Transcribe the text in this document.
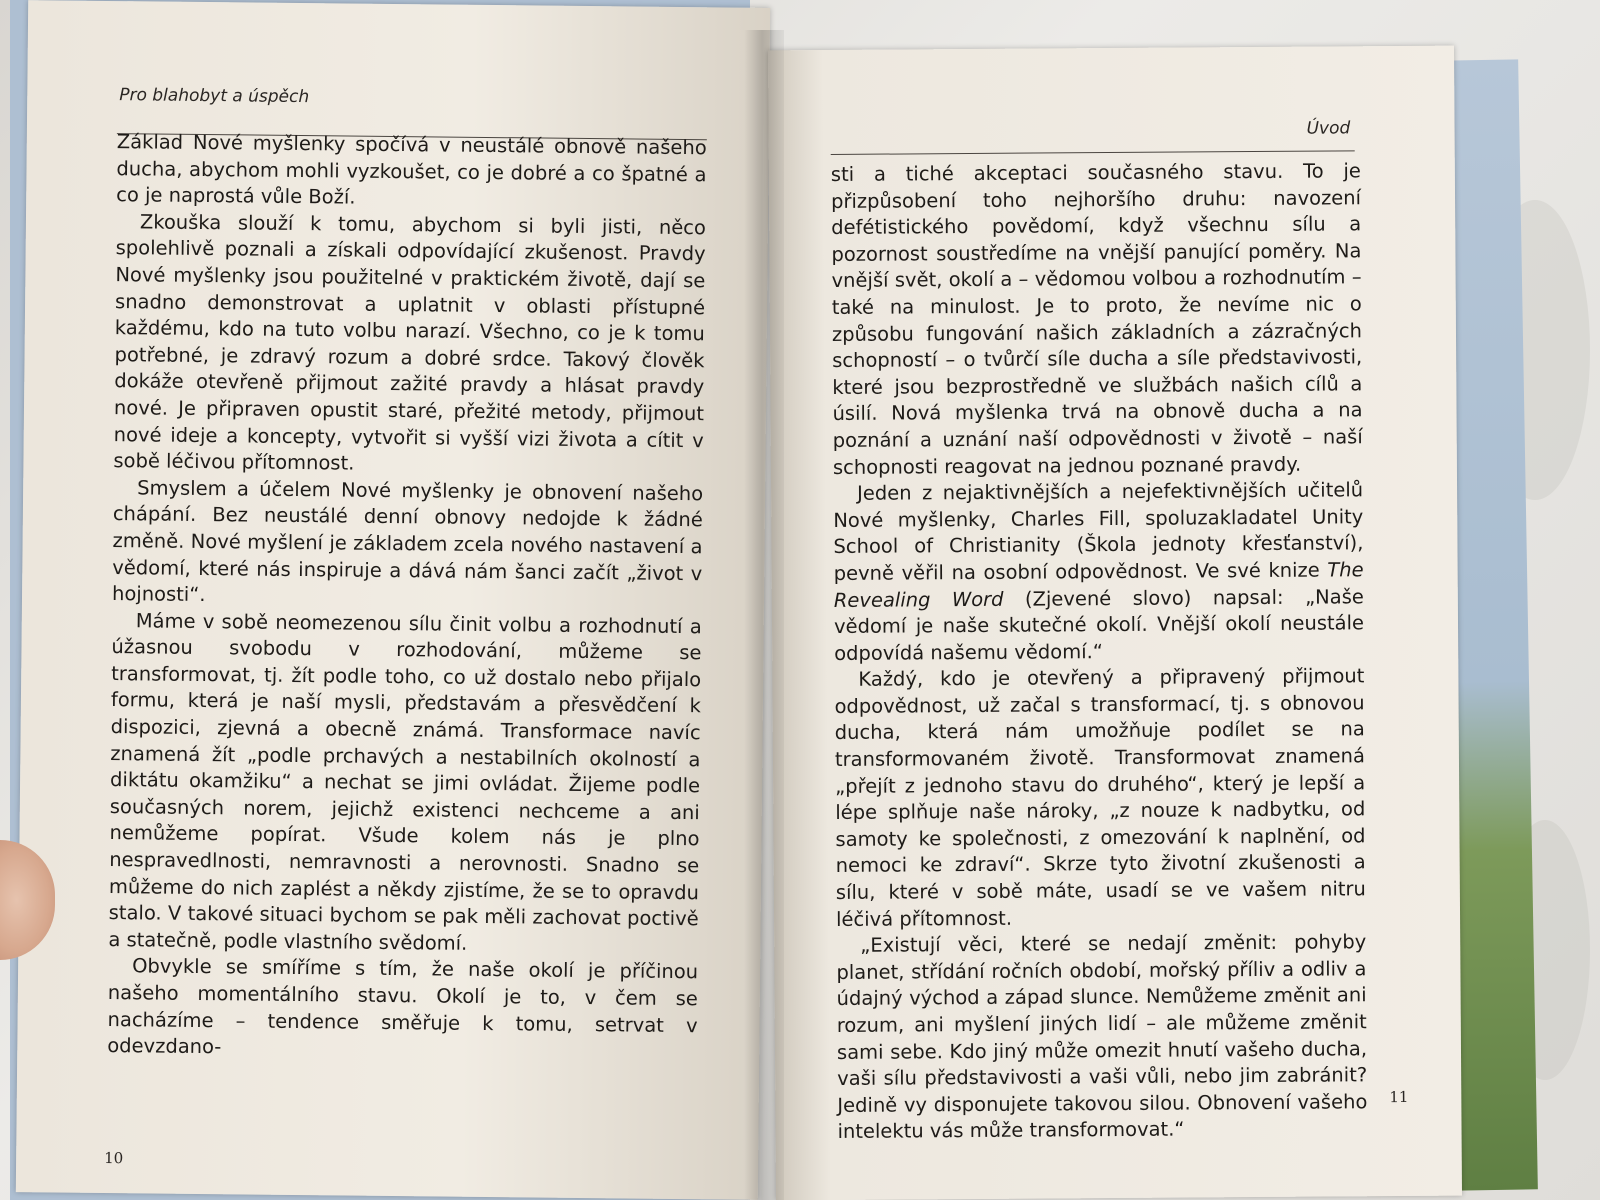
Pro blahobyt a úspěch

Základ Nové myšlenky spočívá v neustálé obnově našeho ducha, abychom mohli vyzkoušet, co je dobré a co špatné a co je naprostá vůle Boží.

Zkouška slouží k tomu, abychom si byli jisti, něco spolehlivě poznali a získali odpovídající zkušenost. Pravdy Nové myšlenky jsou použitelné v praktickém životě, dají se snadno demonstrovat a uplatnit v oblasti přístupné každému, kdo na tuto volbu narazí. Všechno, co je k tomu potřebné, je zdravý rozum a dobré srdce. Takový člověk dokáže otevřeně přijmout zažité pravdy a hlásat pravdy nové. Je připraven opustit staré, přežité metody, přijmout nové ideje a koncepty, vytvořit si vyšší vizi života a cítit v sobě léčivou přítomnost.

Smyslem a účelem Nové myšlenky je obnovení našeho chápání. Bez neustálé denní obnovy nedojde k žádné změně. Nové myšlení je základem zcela nového nastavení a vědomí, které nás inspiruje a dává nám šanci začít „život v hojnosti“.

Máme v sobě neomezenou sílu činit volbu a rozhodnutí a úžasnou svobodu v rozhodování, můžeme se transformovat, tj. žít podle toho, co už dostalo nebo přijalo formu, která je naší mysli, představám a přesvědčení k dispozici, zjevná a obecně známá. Transformace navíc znamená žít „podle prchavých a nestabilních okolností a diktátu okamžiku“ a nechat se jimi ovládat. Žijeme podle současných norem, jejichž existenci nechceme a ani nemůžeme popírat. Všude kolem nás je plno nespravedlnosti, nemravnosti a nerovnosti. Snadno se můžeme do nich zaplést a někdy zjistíme, že se to opravdu stalo. V takové situaci bychom se pak měli zachovat poctivě a statečně, podle vlastního svědomí.

Obvykle se smíříme s tím, že naše okolí je příčinou našeho momentálního stavu. Okolí je to, v čem se nacházíme – tendence směřuje k tomu, setrvat v odevzdano-

10
Úvod

sti a tiché akceptaci současného stavu. To je přizpůsobení toho nejhoršího druhu: navození defétistického povědomí, když všechnu sílu a pozornost soustředíme na vnější panující poměry. Na vnější svět, okolí a – vědomou volbou a rozhodnutím – také na minulost. Je to proto, že nevíme nic o způsobu fungování našich základních a zázračných schopností – o tvůrčí síle ducha a síle představivosti, které jsou bezprostředně ve službách našich cílů a úsilí. Nová myšlenka trvá na obnově ducha a na poznání a uznání naší odpovědnosti v životě – naší schopnosti reagovat na jednou poznané pravdy.

Jeden z nejaktivnějších a nejefektivnějších učitelů Nové myšlenky, Charles Fill, spoluzakladatel Unity School of Christianity (Škola jednoty křesťanství), pevně věřil na osobní odpovědnost. Ve své knize The Revealing Word (Zjevené slovo) napsal: „Naše vědomí je naše skutečné okolí. Vnější okolí neustále odpovídá našemu vědomí.“

Každý, kdo je otevřený a připravený přijmout odpovědnost, už začal s transformací, tj. s obnovou ducha, která nám umožňuje podílet se na transformovaném životě. Transformovat znamená „přejít z jednoho stavu do druhého“, který je lepší a lépe splňuje naše nároky, „z nouze k nadbytku, od samoty ke společnosti, z omezování k naplnění, od nemoci ke zdraví“. Skrze tyto životní zkušenosti a sílu, které v sobě máte, usadí se ve vašem nitru léčivá přítomnost.

„Existují věci, které se nedají změnit: pohyby planet, střídání ročních období, mořský příliv a odliv a údajný východ a západ slunce. Nemůžeme změnit ani rozum, ani myšlení jiných lidí – ale můžeme změnit sami sebe. Kdo jiný může omezit hnutí vašeho ducha, vaši sílu představivosti a vaši vůli, nebo jim zabránit? Jedině vy disponujete takovou silou. Obnovení vašeho intelektu vás může transformovat.“

11
